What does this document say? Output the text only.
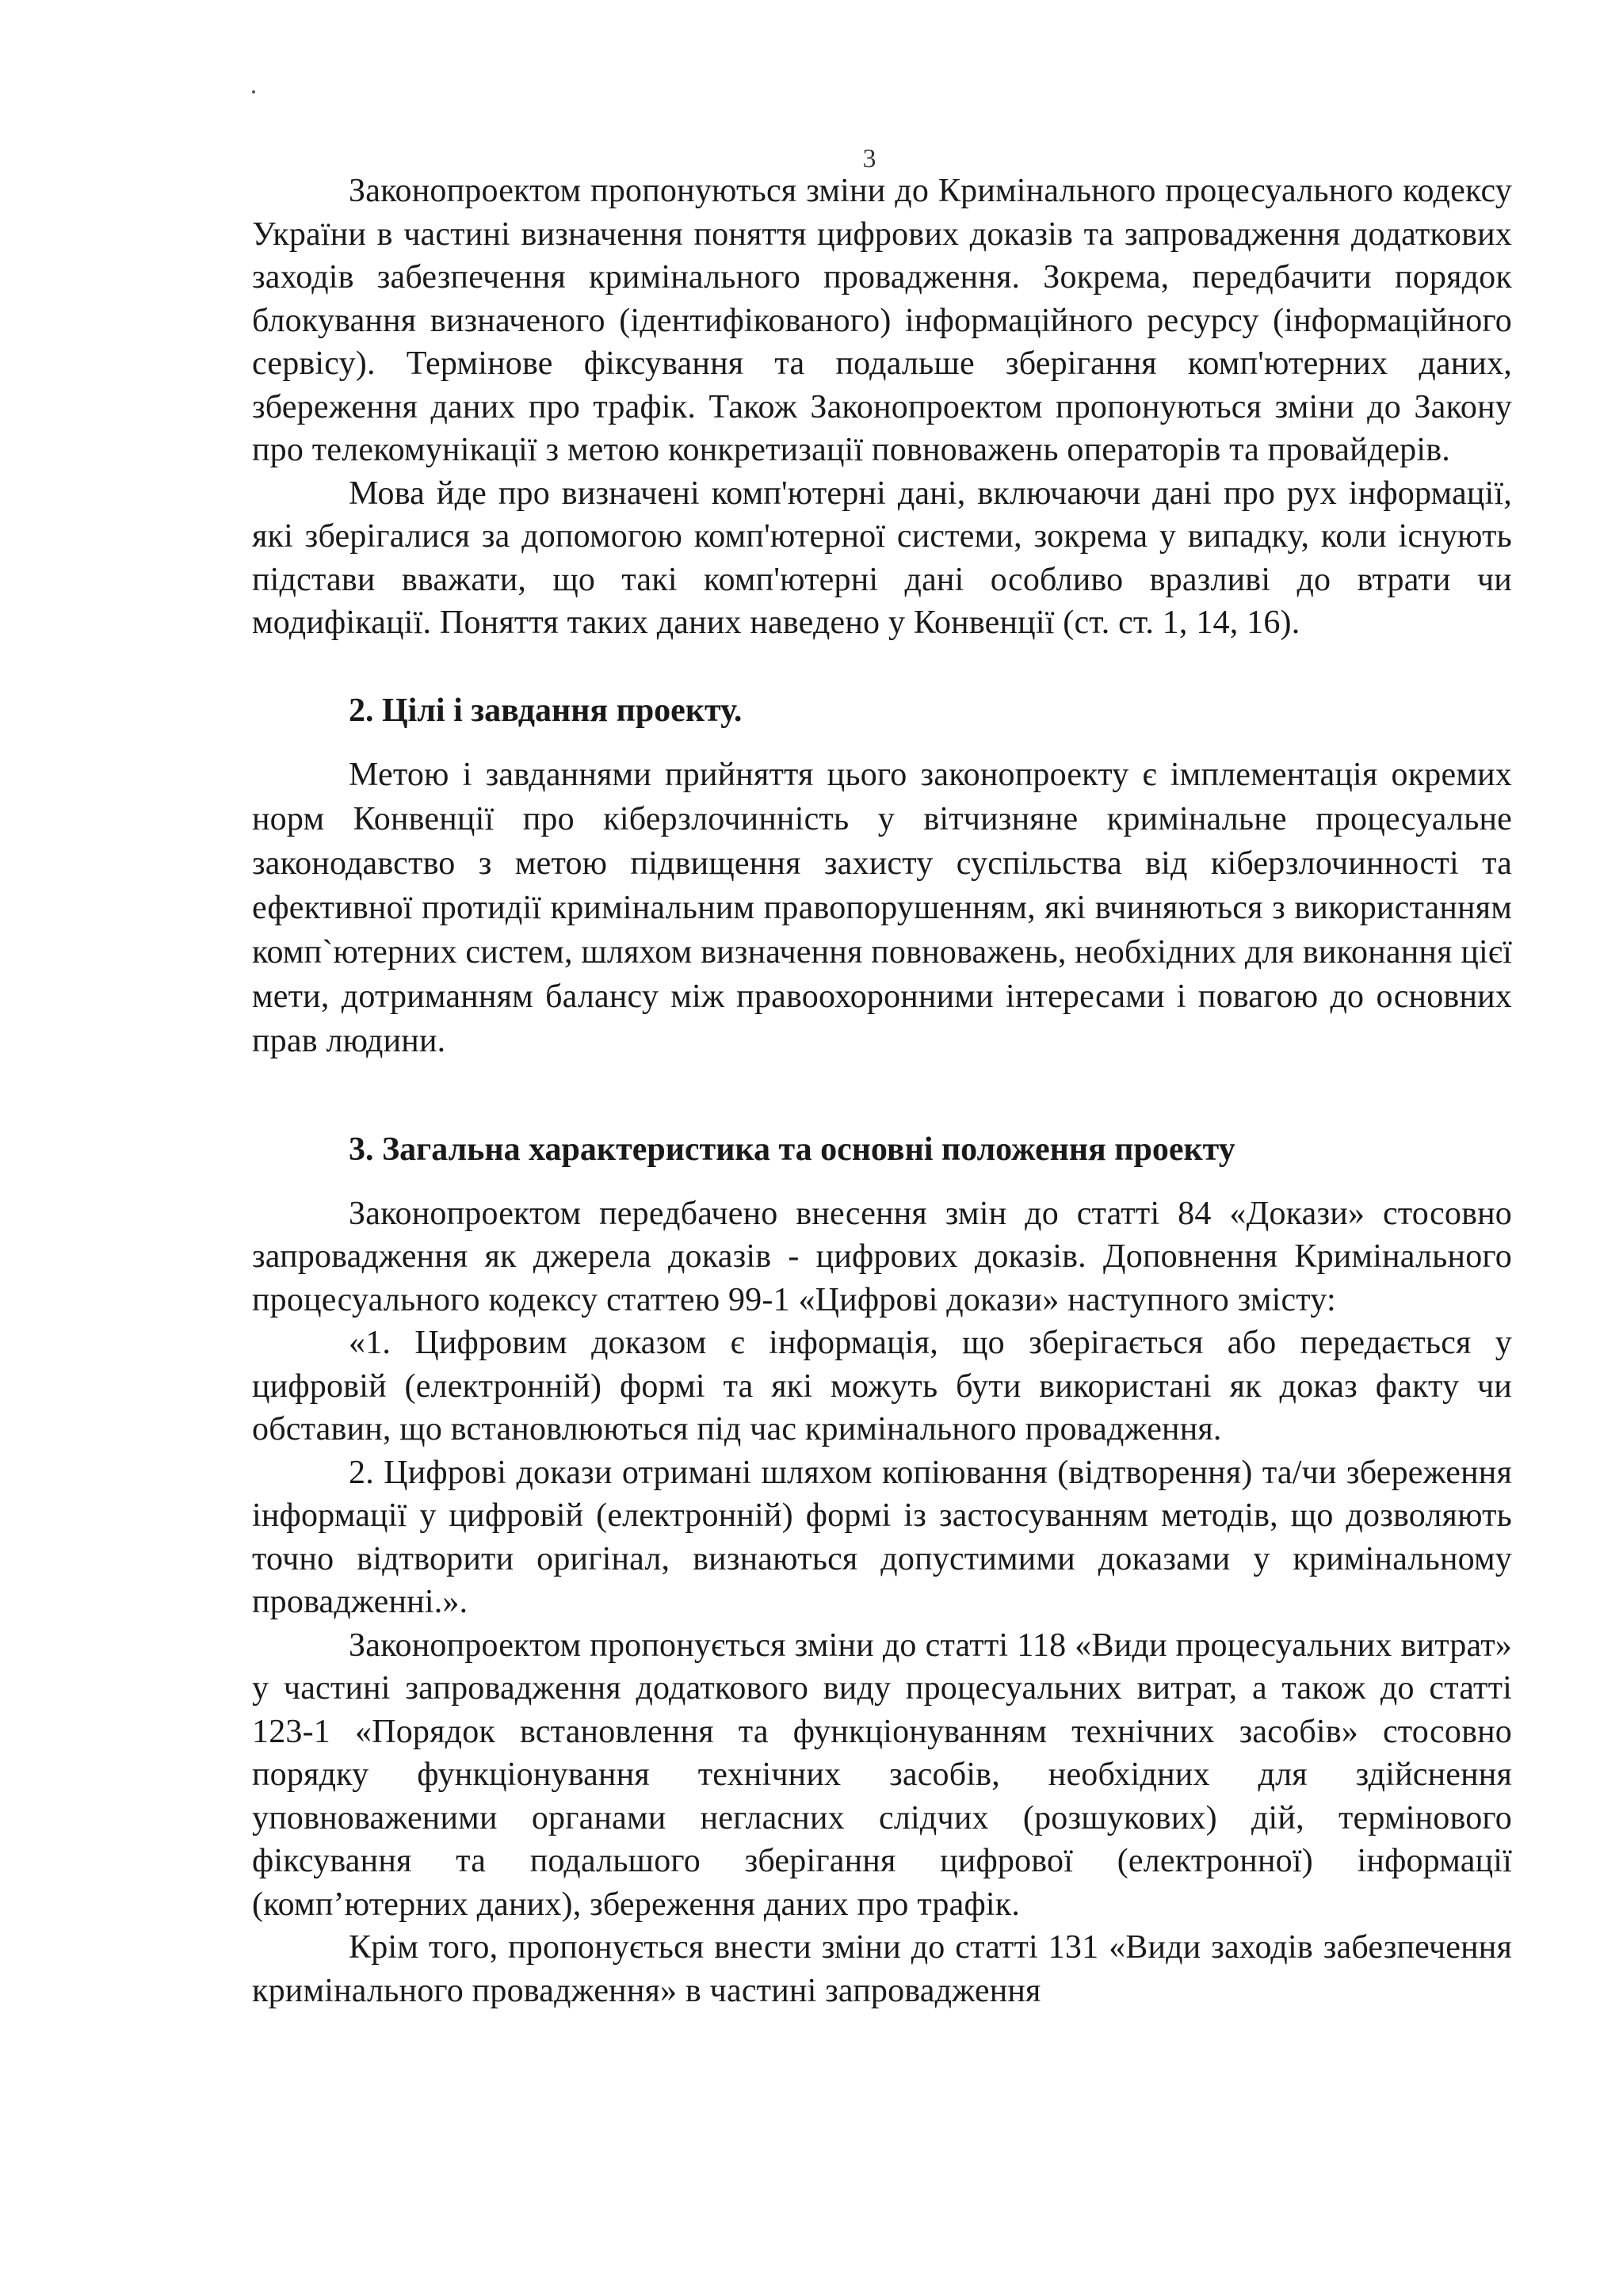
3

Законопроектом пропонуються зміни до Кримінального процесуального кодексу України в частині визначення поняття цифрових доказів та запровадження додаткових заходів забезпечення кримінального провадження. Зокрема, передбачити порядок блокування визначеного (ідентифікованого) інформаційного ресурсу (інформаційного сервісу). Термінове фіксування та подальше зберігання комп'ютерних даних, збереження даних про трафік. Також Законопроектом пропонуються зміни до Закону про телекомунікації з метою конкретизації повноважень операторів та провайдерів.

Мова йде про визначені комп'ютерні дані, включаючи дані про рух інформації, які зберігалися за допомогою комп'ютерної системи, зокрема у випадку, коли існують підстави вважати, що такі комп'ютерні дані особливо вразливі до втрати чи модифікації. Поняття таких даних наведено у Конвенції (ст. ст. 1, 14, 16).

2. Цілі і завдання проекту.

Метою і завданнями прийняття цього законопроекту є імплементація окремих норм Конвенції про кіберзлочинність у вітчизняне кримінальне процесуальне законодавство з метою підвищення захисту суспільства від кіберзлочинності та ефективної протидії кримінальним правопорушенням, які вчиняються з використанням комп`ютерних систем, шляхом визначення повноважень, необхідних для виконання цієї мети, дотриманням балансу між правоохоронними інтересами і повагою до основних прав людини.

3. Загальна характеристика та основні положення проекту

Законопроектом передбачено внесення змін до статті 84 «Докази» стосовно запровадження як джерела доказів - цифрових доказів. Доповнення Кримінального процесуального кодексу статтею 99-1 «Цифрові докази» наступного змісту:

«1. Цифровим доказом є інформація, що зберігається або передається у цифровій (електронній) формі та які можуть бути використані як доказ факту чи обставин, що встановлюються під час кримінального провадження.

2. Цифрові докази отримані шляхом копіювання (відтворення) та/чи збереження інформації у цифровій (електронній) формі із застосуванням методів, що дозволяють точно відтворити оригінал, визнаються допустимими доказами у кримінальному провадженні.».

Законопроектом пропонується зміни до статті 118 «Види процесуальних витрат» у частині запровадження додаткового виду процесуальних витрат, а також до статті 123-1 «Порядок встановлення та функціонуванням технічних засобів» стосовно порядку функціонування технічних засобів, необхідних для здійснення уповноваженими органами негласних слідчих (розшукових) дій, термінового фіксування та подальшого зберігання цифрової (електронної) інформації (комп’ютерних даних), збереження даних про трафік.

Крім того, пропонується внести зміни до статті 131 «Види заходів забезпечення кримінального провадження» в частині запровадження
